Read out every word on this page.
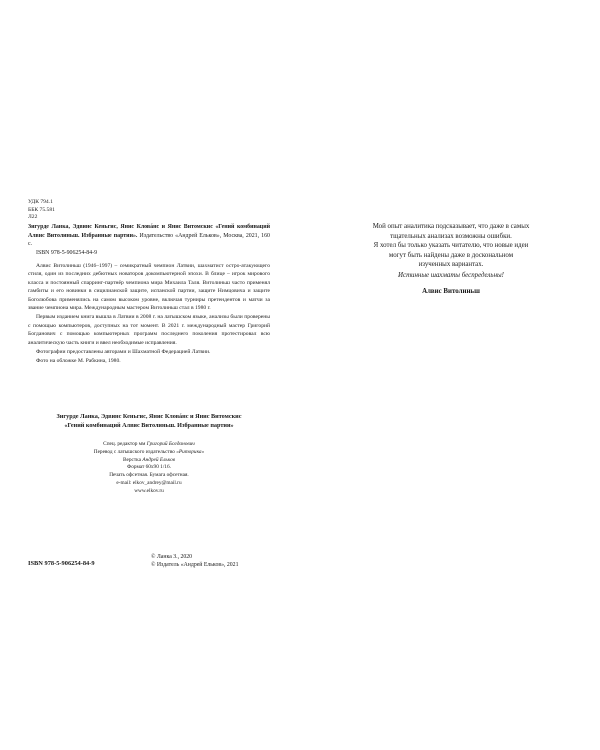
УДК 794.1
ББК 75.581
Л22
Зигурде Ланка, Эдвинс Кеньгис, Янис Кловáнс и Янис Витомскис «Гений комбинаций Алвис Витолиньш. Избранные партии». Издательство «Андрей Ельков», Москва, 2021, 160 с.
ISBN 978-5-906254-84-9

Алвис Витолиньш (1946–1997) – семикратный чемпион Латвии, шахматист остро-атакующего стиля, один из последних дебютных новаторов докомпьютерной эпохи. В блице – игрок мирового класса и постоянный спарринг-партнёр чемпиона мира Михаила Таля. Витолиньш часто применял гамбиты и его новинки в сицилианской защите, испанской партии, защите Нимцовича и защите Боголюбова применялись на самом высоком уровне, включая турниры претендентов и матчи за звание чемпиона мира. Международным мастером Витолиньш стал в 1980 г.

Первым изданием книга вышла в Латвии в 2008 г. на латышском языке, анализы были проверены с помощью компьютеров, доступных на тот момент. В 2021 г. международный мастер Григорий Богданович с помощью компьютерных программ последнего поколения протестировал всю аналитическую часть книги и ввел необходимые исправления.

Фотографии предоставлены авторами и Шахматной Федерацией Латвии.

Фото на обложке М. Рабкина, 1980.

Зигурде Ланка, Эдвинс Кеньгис, Янис Кловáнс и Янис Витомскис
«Гений комбинаций Алвис Витолиньш. Избранные партии»
Спец. редактор мм Григорий Богданович
Перевод с латышского издательство «Риторика»
Верстка Андрей Ельков
Формат 60х90 1/16.
Печать офсетная. Бумага офсетная.
e-mail: elkov_andrey@mail.ru
www.elkov.ru
ISBN 978-5-906254-84-9
Мой опыт аналитика подсказывает, что даже в самых
тщательных анализах возможны ошибки.
Я хотел бы только указать читателю, что новые идеи
могут быть найдены даже в доскональном
изученных вариантах.
Истинные шахматы беспредельны!
Алвис Витолиньш
© Ланка З., 2020
© Издатель «Андрей Ельков», 2021
